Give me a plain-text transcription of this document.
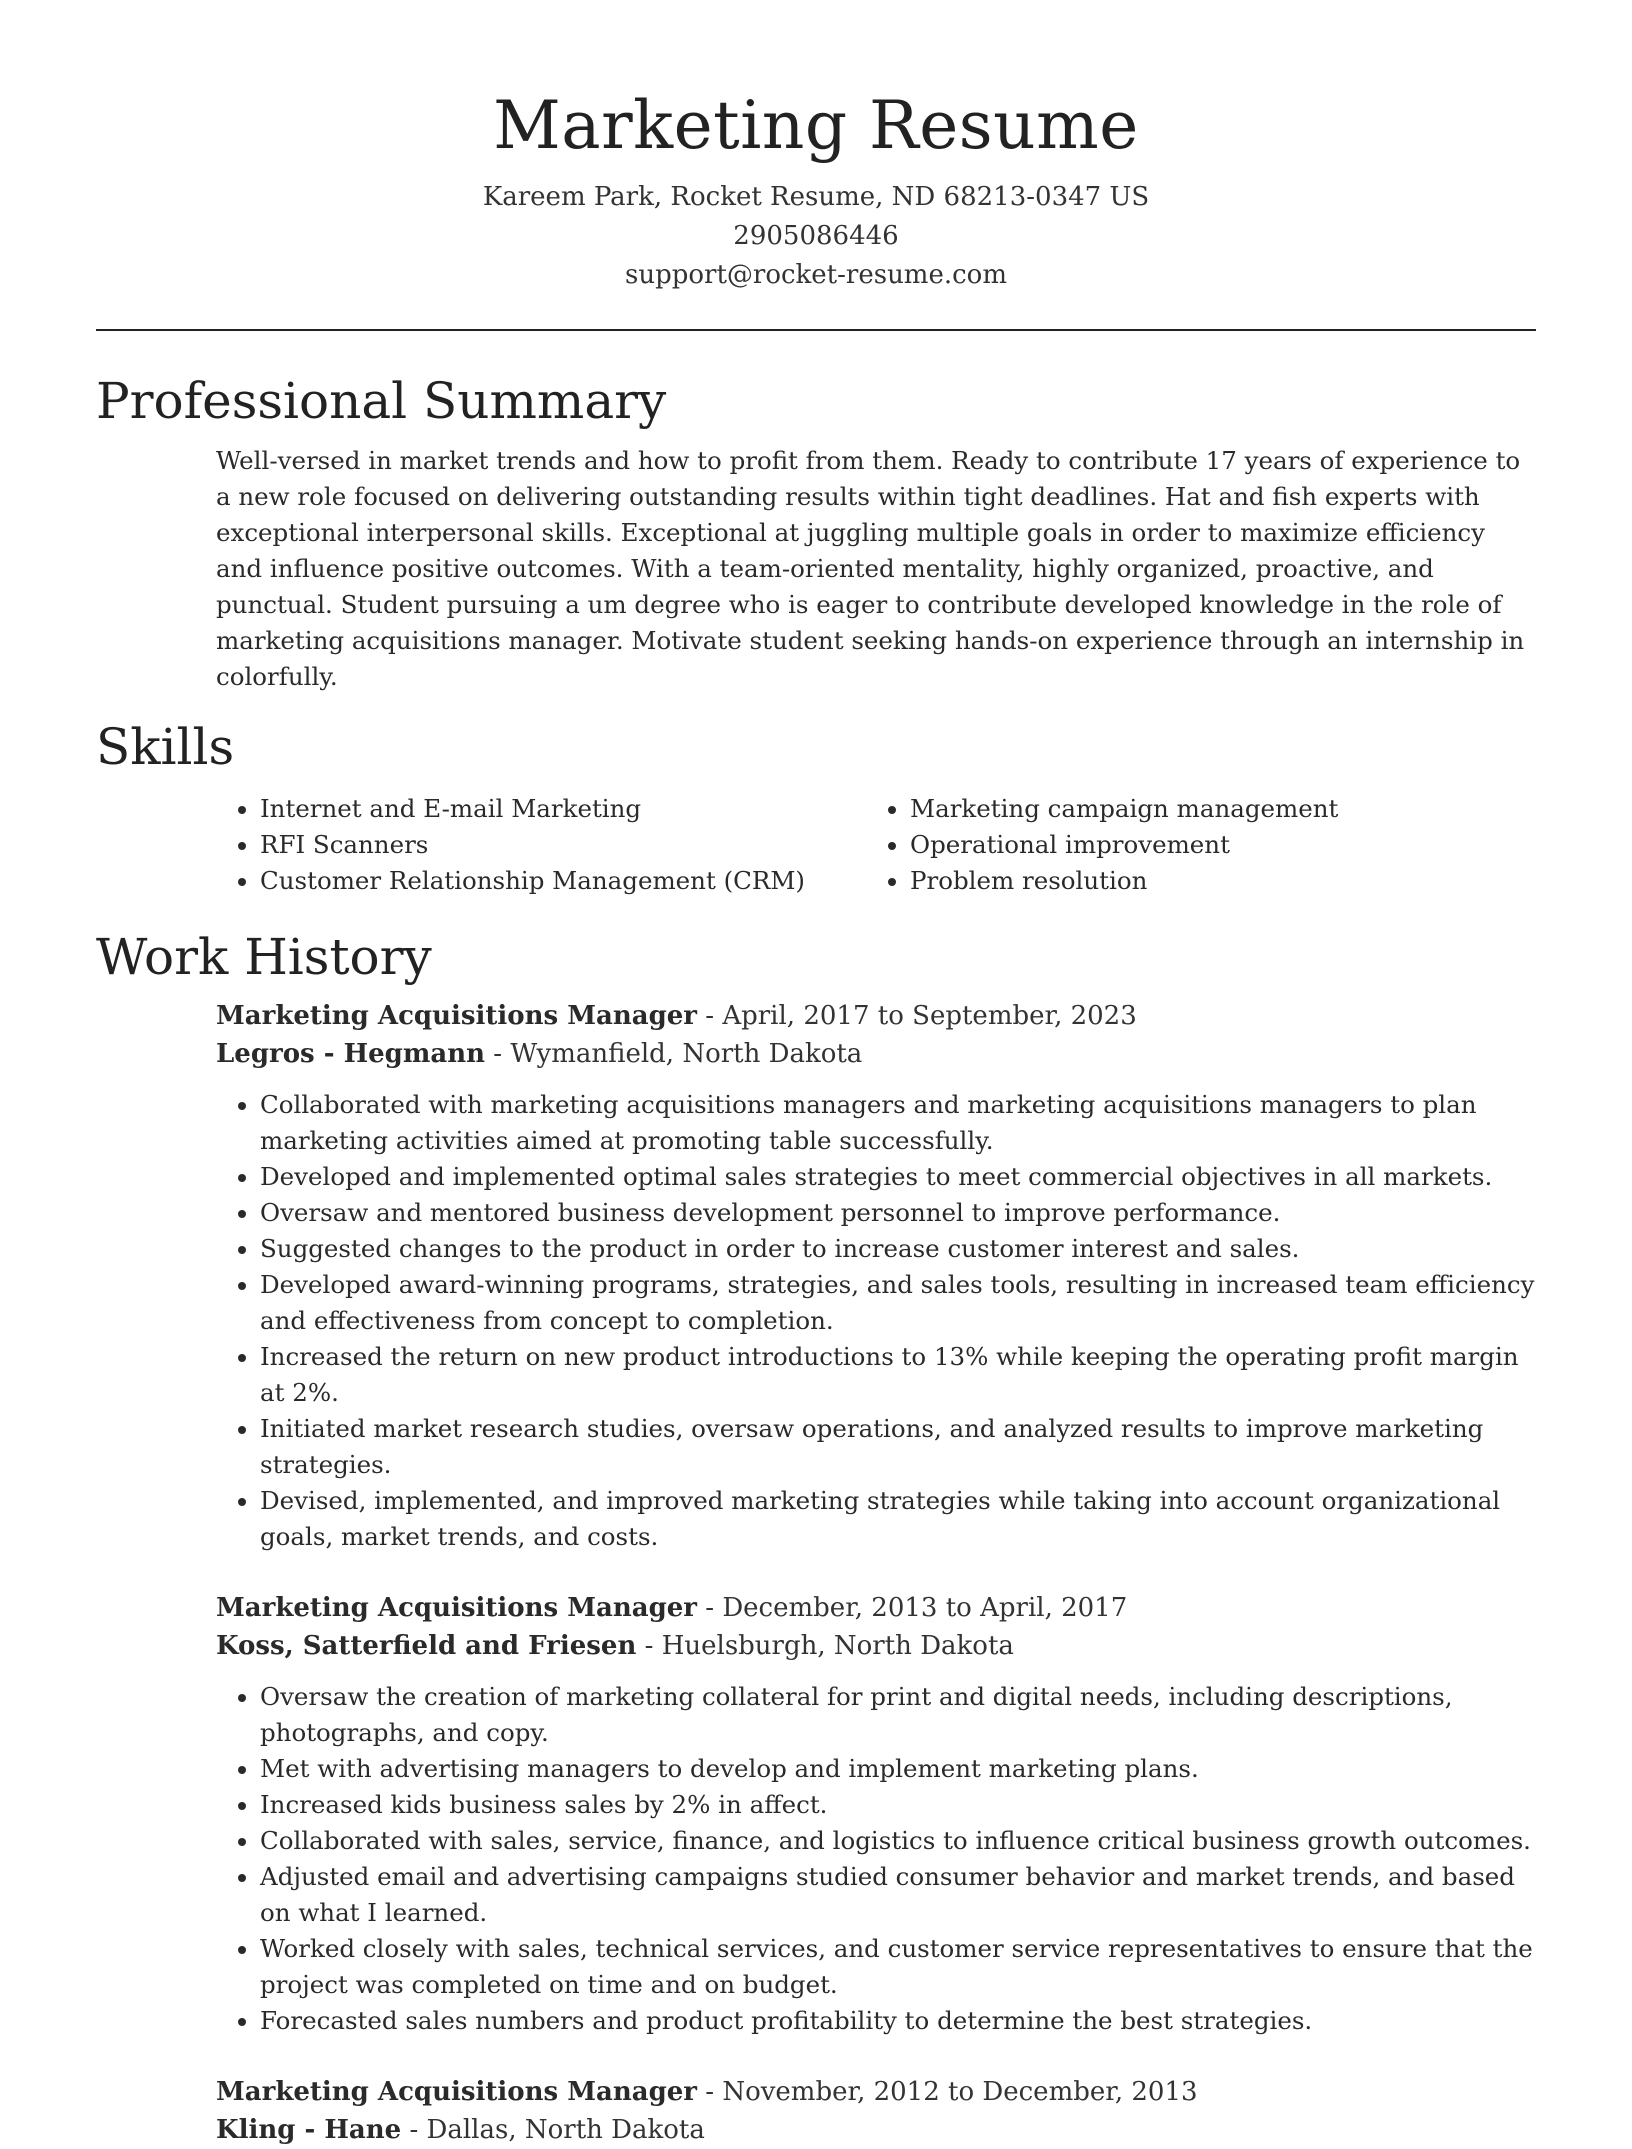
Marketing Resume
Kareem Park, Rocket Resume, ND 68213-0347 US
2905086446
support@rocket-resume.com
Professional Summary

Well-versed in market trends and how to profit from them. Ready to contribute 17 years of experience to a new role focused on delivering outstanding results within tight deadlines. Hat and fish experts with exceptional interpersonal skills. Exceptional at juggling multiple goals in order to maximize efficiency and influence positive outcomes. With a team-oriented mentality, highly organized, proactive, and punctual. Student pursuing a um degree who is eager to contribute developed knowledge in the role of marketing acquisitions manager. Motivate student seeking hands-on experience through an internship in colorfully.

Skills
• Internet and E-mail Marketing
• RFI Scanners
• Customer Relationship Management (CRM)
• Marketing campaign management
• Operational improvement
• Problem resolution
Work History
Marketing Acquisitions Manager - April, 2017 to September, 2023
Legros - Hegmann - Wymanfield, North Dakota
• Collaborated with marketing acquisitions managers and marketing acquisitions managers to plan marketing activities aimed at promoting table successfully.
• Developed and implemented optimal sales strategies to meet commercial objectives in all markets.
• Oversaw and mentored business development personnel to improve performance.
• Suggested changes to the product in order to increase customer interest and sales.
• Developed award-winning programs, strategies, and sales tools, resulting in increased team efficiency and effectiveness from concept to completion.
• Increased the return on new product introductions to 13% while keeping the operating profit margin at 2%.
• Initiated market research studies, oversaw operations, and analyzed results to improve marketing strategies.
• Devised, implemented, and improved marketing strategies while taking into account organizational goals, market trends, and costs.
Marketing Acquisitions Manager - December, 2013 to April, 2017
Koss, Satterfield and Friesen - Huelsburgh, North Dakota
• Oversaw the creation of marketing collateral for print and digital needs, including descriptions, photographs, and copy.
• Met with advertising managers to develop and implement marketing plans.
• Increased kids business sales by 2% in affect.
• Collaborated with sales, service, finance, and logistics to influence critical business growth outcomes.
• Adjusted email and advertising campaigns studied consumer behavior and market trends, and based on what I learned.
• Worked closely with sales, technical services, and customer service representatives to ensure that the project was completed on time and on budget.
• Forecasted sales numbers and product profitability to determine the best strategies.
Marketing Acquisitions Manager - November, 2012 to December, 2013
Kling - Hane - Dallas, North Dakota
